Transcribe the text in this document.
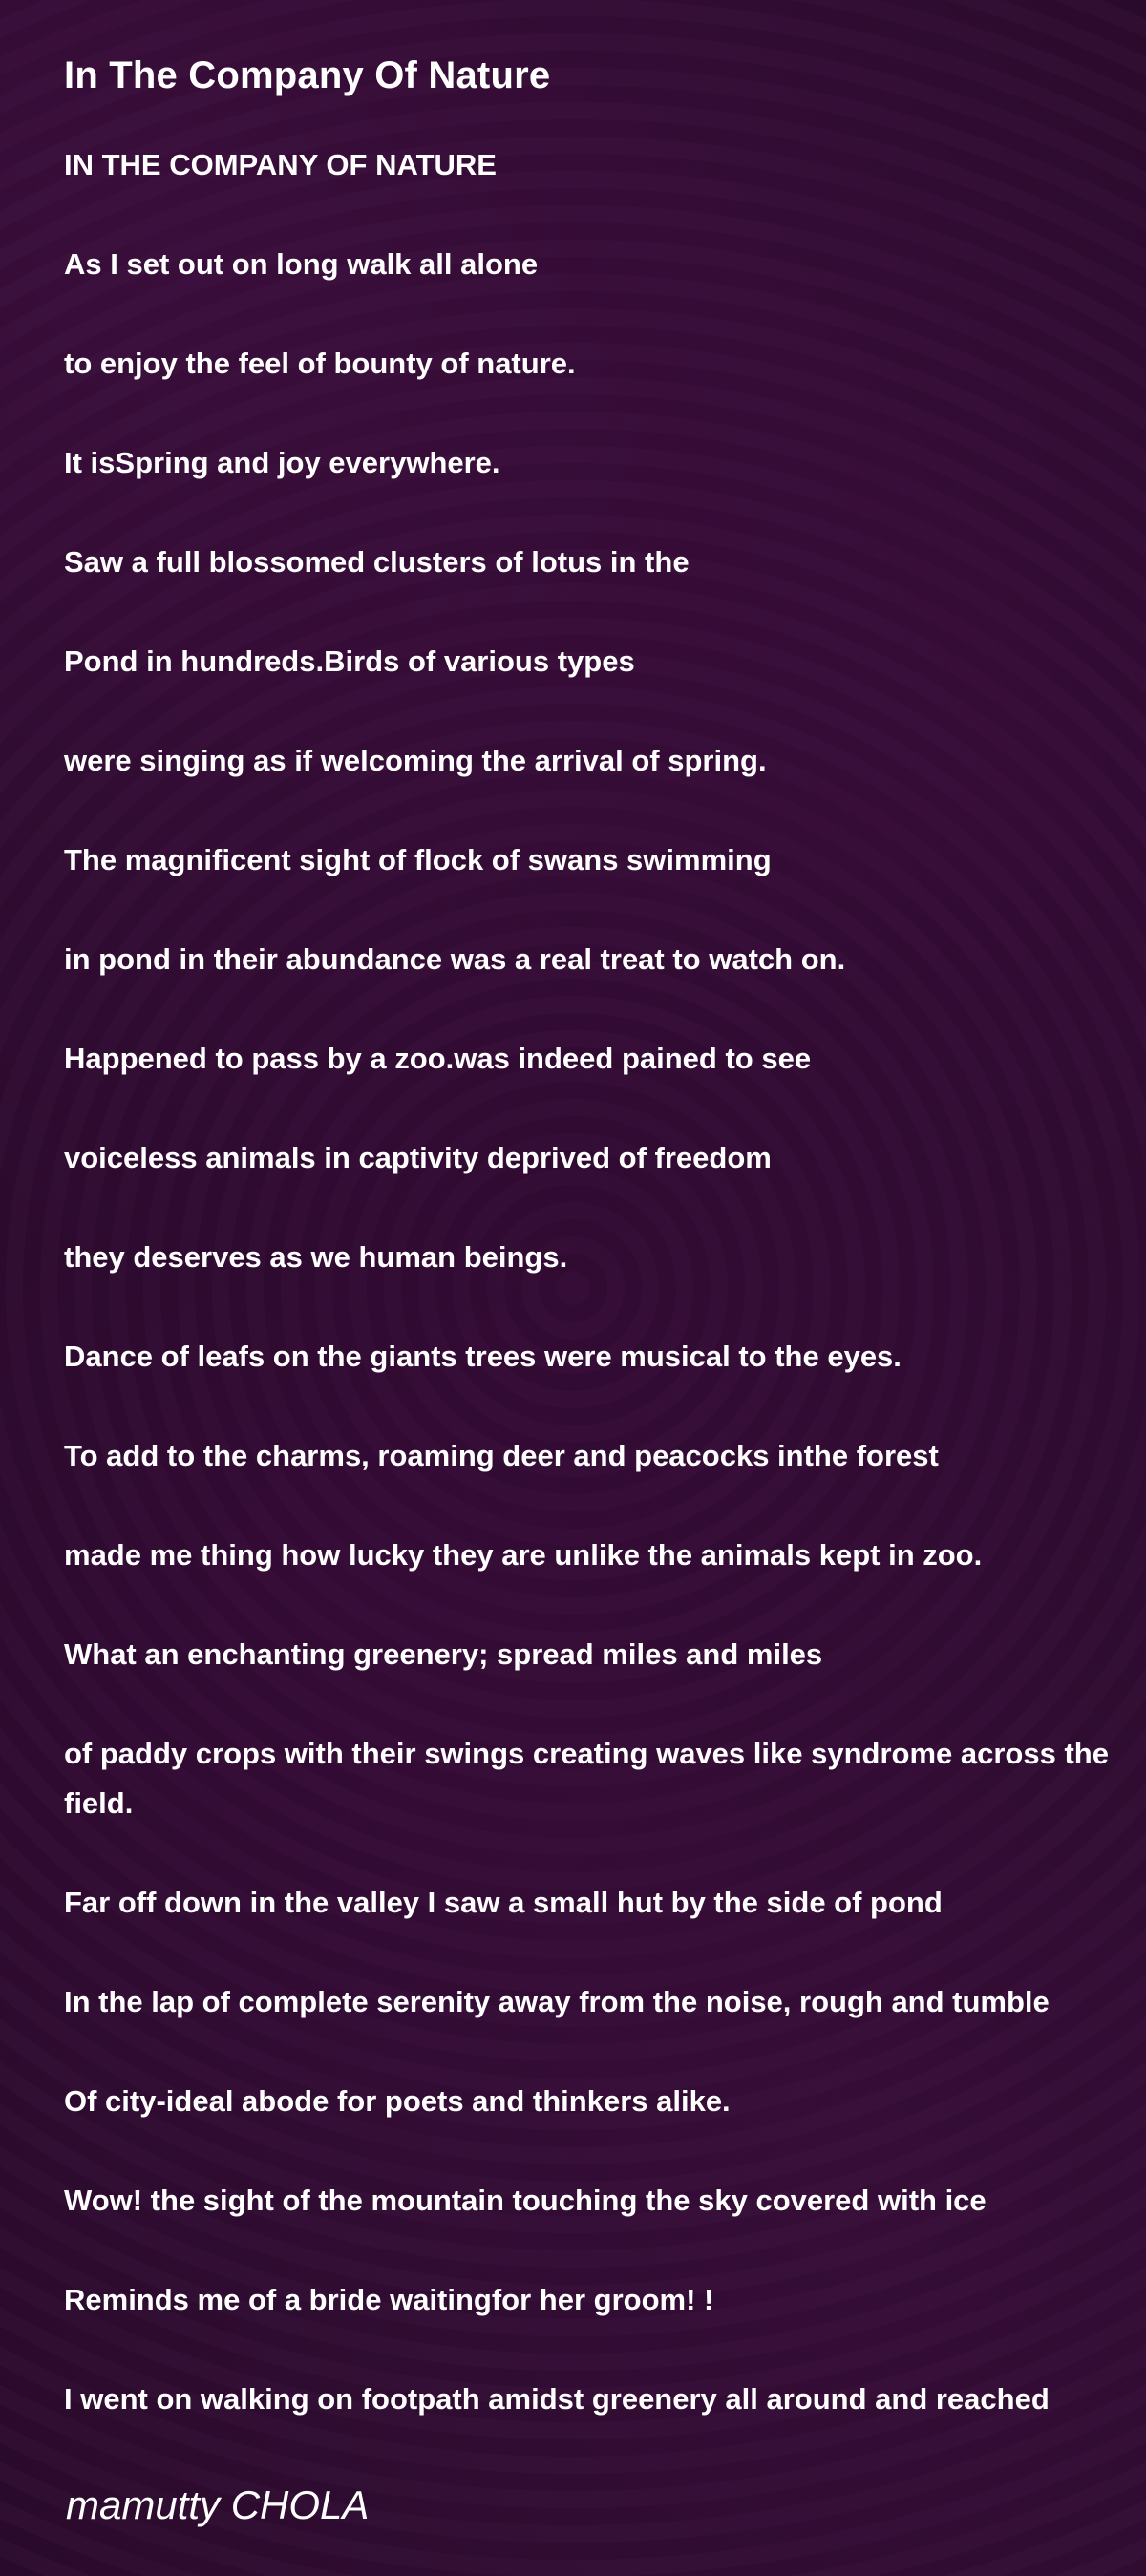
In The Company Of Nature

IN THE COMPANY OF NATURE

As I set out on long walk all alone

to enjoy the feel of bounty of nature.

It isSpring and joy everywhere.

Saw a full blossomed clusters of lotus in the

Pond in hundreds.Birds of various types

were singing as if welcoming the arrival of spring.

The magnificent sight of flock of swans swimming

in pond in their abundance was a real treat to watch on.

Happened to pass by a zoo.was indeed pained to see

voiceless animals in captivity deprived of freedom

they deserves as we human beings.

Dance of leafs on the giants trees were musical to the eyes.

To add to the charms, roaming deer and peacocks inthe forest

made me thing how lucky they are unlike the animals kept in zoo.

What an enchanting greenery; spread miles and miles

of paddy crops with their swings creating waves like syndrome across the field.

Far off down in the valley I saw a small hut by the side of pond

In the lap of complete serenity away from the noise, rough and tumble

Of city-ideal abode for poets and thinkers alike.

Wow! the sight of the mountain touching the sky covered with ice

Reminds me of a bride waitingfor her groom! !

I went on walking on footpath amidst greenery all around and reached

mamutty CHOLA
